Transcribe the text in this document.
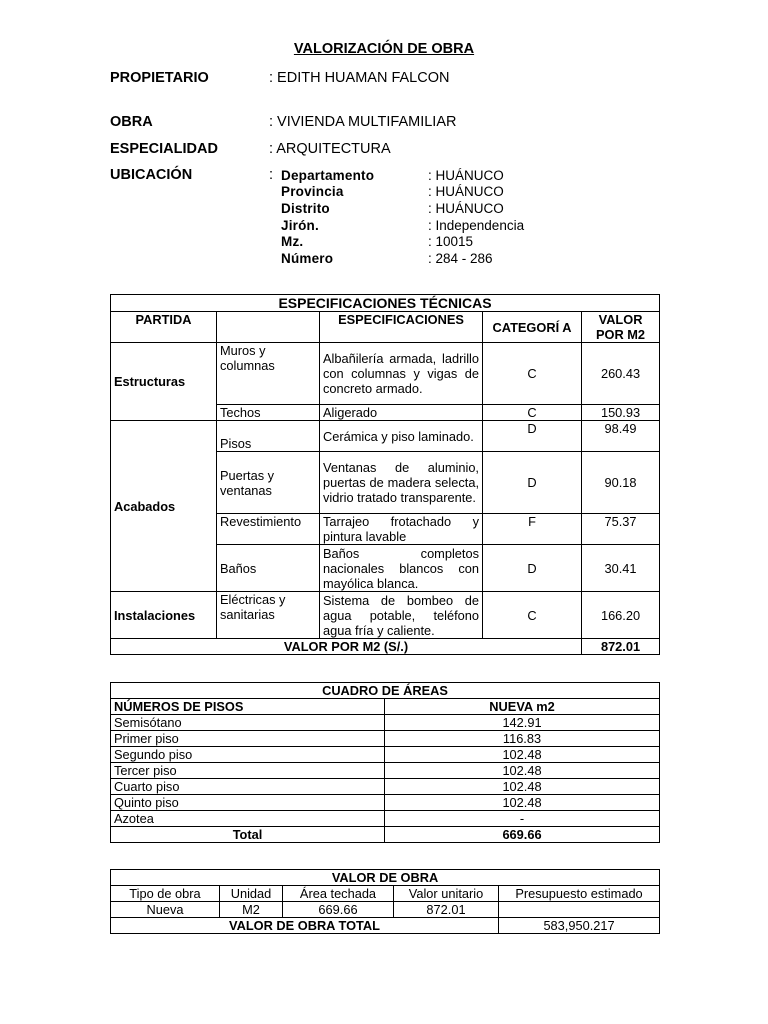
VALORIZACIÓN DE OBRA
PROPIETARIO	: EDITH HUAMAN FALCON
OBRA	: VIVIENDA MULTIFAMILIAR
ESPECIALIDAD	: ARQUITECTURA
UBICACIÓN	: Departamento	: HUÁNUCO
Provincia	: HUÁNUCO
Distrito	: HUÁNUCO
Jirón.	: Independencia
Mz.	: 10015
Número	: 284 - 286
ESPECIFICACIONES TÉCNICAS				
PARTIDA		ESPECIFICACIONES	CATEGORÍ A	VALOR POR M2
Estructuras	Muros y columnas	Albañilería armada, ladrillo con columnas y vigas de concreto armado.	C	260.43
	Techos	Aligerado	C	150.93
Acabados	Pisos	Cerámica y piso laminado.	D	98.49
	Puertas y ventanas	Ventanas de aluminio, puertas de madera selecta, vidrio tratado transparente.	D	90.18
	Revestimiento	Tarrajeo frotachado y pintura lavable	F	75.37
	Baños	Baños completos nacionales blancos con mayólica blanca.	D	30.41
Instalaciones	Eléctricas y sanitarias	Sistema de bombeo de agua potable, teléfono agua fría y caliente.	C	166.20
VALOR POR M2 (S/.)				872.01
CUADRO DE ÁREAS	
NÚMEROS DE PISOS	NUEVA m2
Semisótano	142.91
Primer piso	116.83
Segundo piso	102.48
Tercer piso	102.48
Cuarto piso	102.48
Quinto piso	102.48
Azotea	-
Total	669.66
VALOR DE OBRA				
Tipo de obra	Unidad	Área techada	Valor unitario	Presupuesto estimado
Nueva	M2	669.66	872.01	
VALOR DE OBRA TOTAL				583,950.217
